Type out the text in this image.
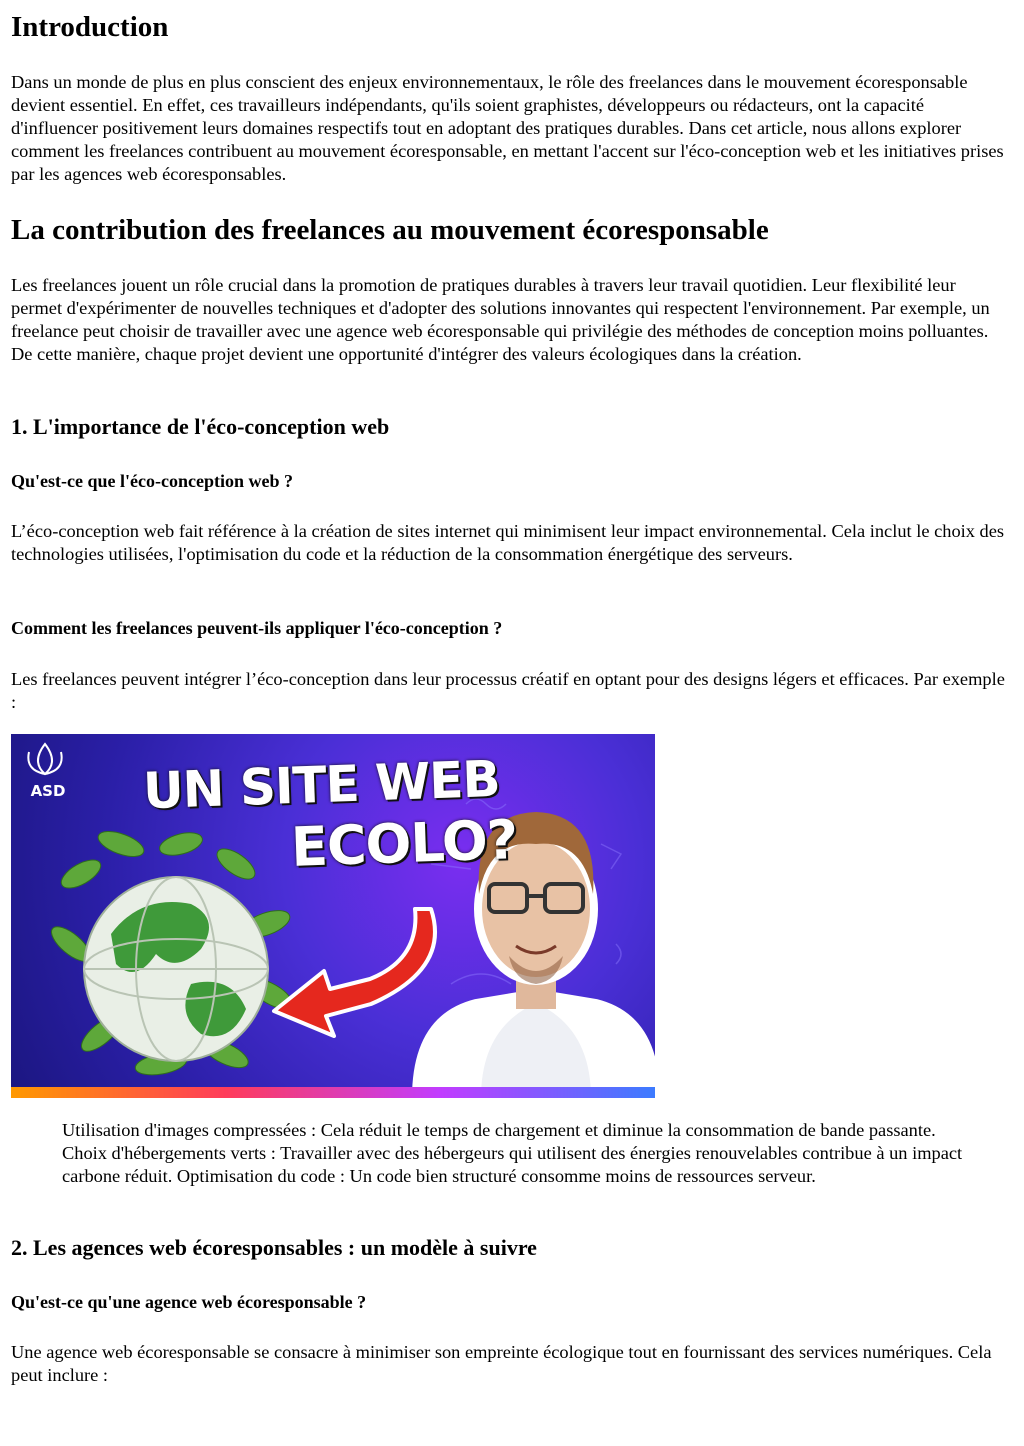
Introduction

Dans un monde de plus en plus conscient des enjeux environnementaux, le rôle des freelances dans le mouvement écoresponsable devient essentiel. En effet, ces travailleurs indépendants, qu'ils soient graphistes, développeurs ou rédacteurs, ont la capacité d'influencer positivement leurs domaines respectifs tout en adoptant des pratiques durables. Dans cet article, nous allons explorer comment les freelances contribuent au mouvement écoresponsable, en mettant l'accent sur l'éco-conception web et les initiatives prises par les agences web écoresponsables.

La contribution des freelances au mouvement écoresponsable

Les freelances jouent un rôle crucial dans la promotion de pratiques durables à travers leur travail quotidien. Leur flexibilité leur permet d'expérimenter de nouvelles techniques et d'adopter des solutions innovantes qui respectent l'environnement. Par exemple, un freelance peut choisir de travailler avec une agence web écoresponsable qui privilégie des méthodes de conception moins polluantes. De cette manière, chaque projet devient une opportunité d'intégrer des valeurs écologiques dans la création.

1. L'importance de l'éco-conception web
Qu'est-ce que l'éco-conception web ?

L’éco-conception web fait référence à la création de sites internet qui minimisent leur impact environnemental. Cela inclut le choix des technologies utilisées, l'optimisation du code et la réduction de la consommation énergétique des serveurs.

Comment les freelances peuvent-ils appliquer l'éco-conception ?

Les freelances peuvent intégrer l’éco-conception dans leur processus créatif en optant pour des designs légers et efficaces. Par exemple :

ASD UN SITE WEB
ECOLO?

Utilisation d'images compressées : Cela réduit le temps de chargement et diminue la consommation de bande passante. Choix d'hébergements verts : Travailler avec des hébergeurs qui utilisent des énergies renouvelables contribue à un impact carbone réduit. Optimisation du code : Un code bien structuré consomme moins de ressources serveur.

2. Les agences web écoresponsables : un modèle à suivre
Qu'est-ce qu'une agence web écoresponsable ?

Une agence web écoresponsable se consacre à minimiser son empreinte écologique tout en fournissant des services numériques. Cela peut inclure :
